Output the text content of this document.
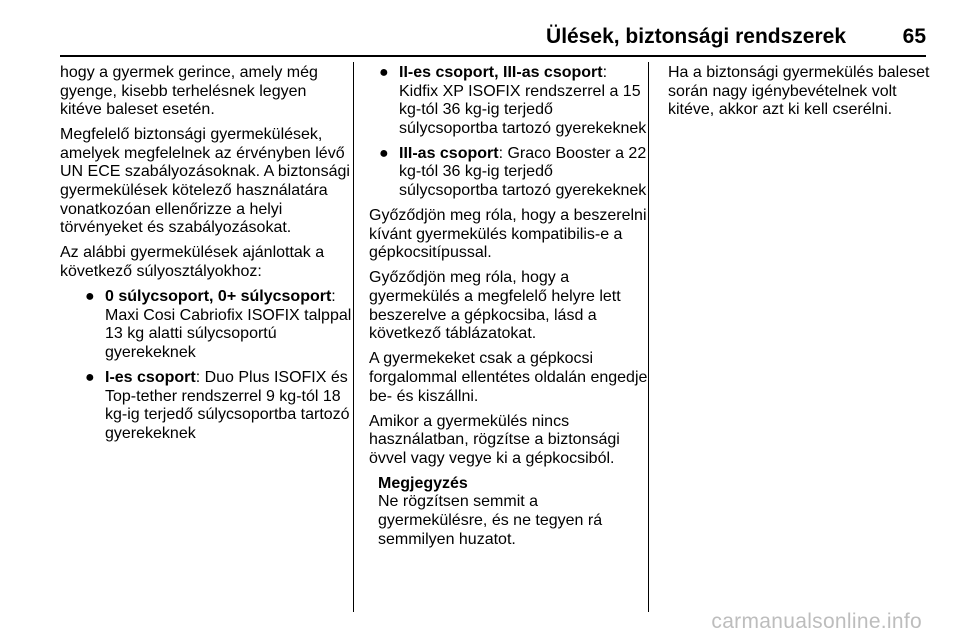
Ülések, biztonsági rendszerek	65

hogy a gyermek gerince, amely még gyenge, kisebb terhelésnek legyen kitéve baleset esetén.

Megfelelő biztonsági gyermekülések, amelyek megfelelnek az érvényben lévő UN ECE szabályozásoknak. A biztonsági gyermekülések kötelező használatára vonatkozóan ellenőrizze a helyi törvényeket és szabályozásokat.

Az alábbi gyermekülések ajánlottak a következő súlyosztályokhoz:

● 0 súlycsoport, 0+ súlycsoport: Maxi Cosi Cabriofix ISOFIX talppal 13 kg alatti súlycsoportú gyerekeknek
● I-es csoport: Duo Plus ISOFIX és Top-tether rendszerrel 9 kg-tól 18 kg-ig terjedő súlycsoportba tartozó gyerekeknek
● II-es csoport, III-as csoport: Kidfix XP ISOFIX rendszerrel a 15 kg-tól 36 kg-ig terjedő súlycsoportba tartozó gyerekeknek
● III-as csoport: Graco Booster a 22 kg-tól 36 kg-ig terjedő súlycsoportba tartozó gyerekeknek

Győződjön meg róla, hogy a beszerelni kívánt gyermekülés kompatibilis-e a gépkocsitípussal.

Győződjön meg róla, hogy a gyermekülés a megfelelő helyre lett beszerelve a gépkocsiba, lásd a következő táblázatokat.

A gyermekeket csak a gépkocsi forgalommal ellentétes oldalán engedje be- és kiszállni.

Amikor a gyermekülés nincs használatban, rögzítse a biztonsági övvel vagy vegye ki a gépkocsiból.

Megjegyzés
Ne rögzítsen semmit a gyermekülésre, és ne tegyen rá semmilyen huzatot.

Ha a biztonsági gyermekülés baleset során nagy igénybevételnek volt kitéve, akkor azt ki kell cserélni.

carmanualsonline.info
